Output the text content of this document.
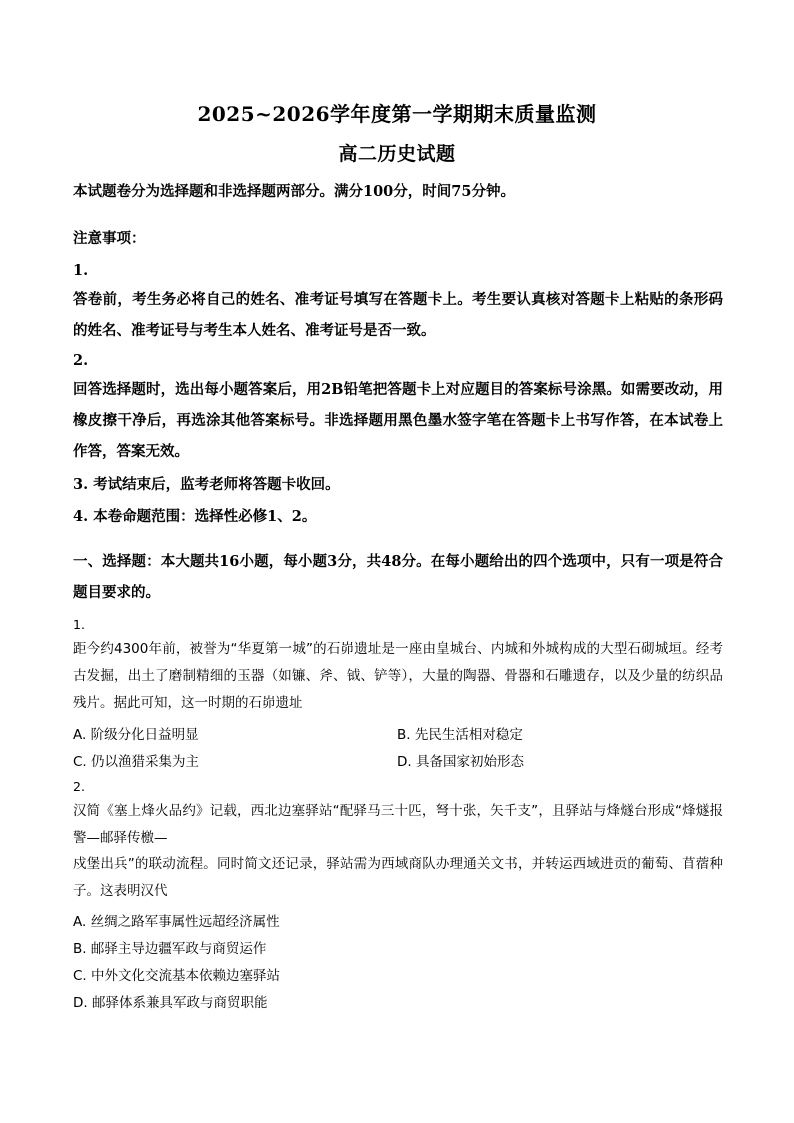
2025~2026学年度第一学期期末质量监测
高二历史试题
本试题卷分为选择题和非选择题两部分。满分100分，时间75分钟。
注意事项：
1.
答卷前，考生务必将自己的姓名、准考证号填写在答题卡上。考生要认真核对答题卡上粘贴的条形码的姓名、准考证号与考生本人姓名、准考证号是否一致。
2.
回答选择题时，选出每小题答案后，用2B铅笔把答题卡上对应题目的答案标号涂黑。如需要改动，用橡皮擦干净后，再选涂其他答案标号。非选择题用黑色墨水签字笔在答题卡上书写作答，在本试卷上作答，答案无效。
3. 考试结束后，监考老师将答题卡收回。
4. 本卷命题范围：选择性必修1、2。
一、选择题：本大题共16小题，每小题3分，共48分。在每小题给出的四个选项中，只有一项是符合题目要求的。
1.
距今约4300年前，被誉为“华夏第一城”的石峁遗址是一座由皇城台、内城和外城构成的大型石砌城垣。经考古发掘，出土了磨制精细的玉器（如镰、斧、钺、铲等），大量的陶器、骨器和石雕遗存，以及少量的纺织品残片。据此可知，这一时期的石峁遗址
A. 阶级分化日益明显	B. 先民生活相对稳定
C. 仍以渔猎采集为主	D. 具备国家初始形态
2.
汉简《塞上烽火品约》记载，西北边塞驿站“配驿马三十匹，弩十张，矢千支”，且驿站与烽燧台形成“烽燧报警—邮驿传檄—
戍堡出兵”的联动流程。同时简文还记录，驿站需为西域商队办理通关文书，并转运西域进贡的葡萄、苜蓿种子。这表明汉代
A. 丝绸之路军事属性远超经济属性
B. 邮驿主导边疆军政与商贸运作
C. 中外文化交流基本依赖边塞驿站
D. 邮驿体系兼具军政与商贸职能
